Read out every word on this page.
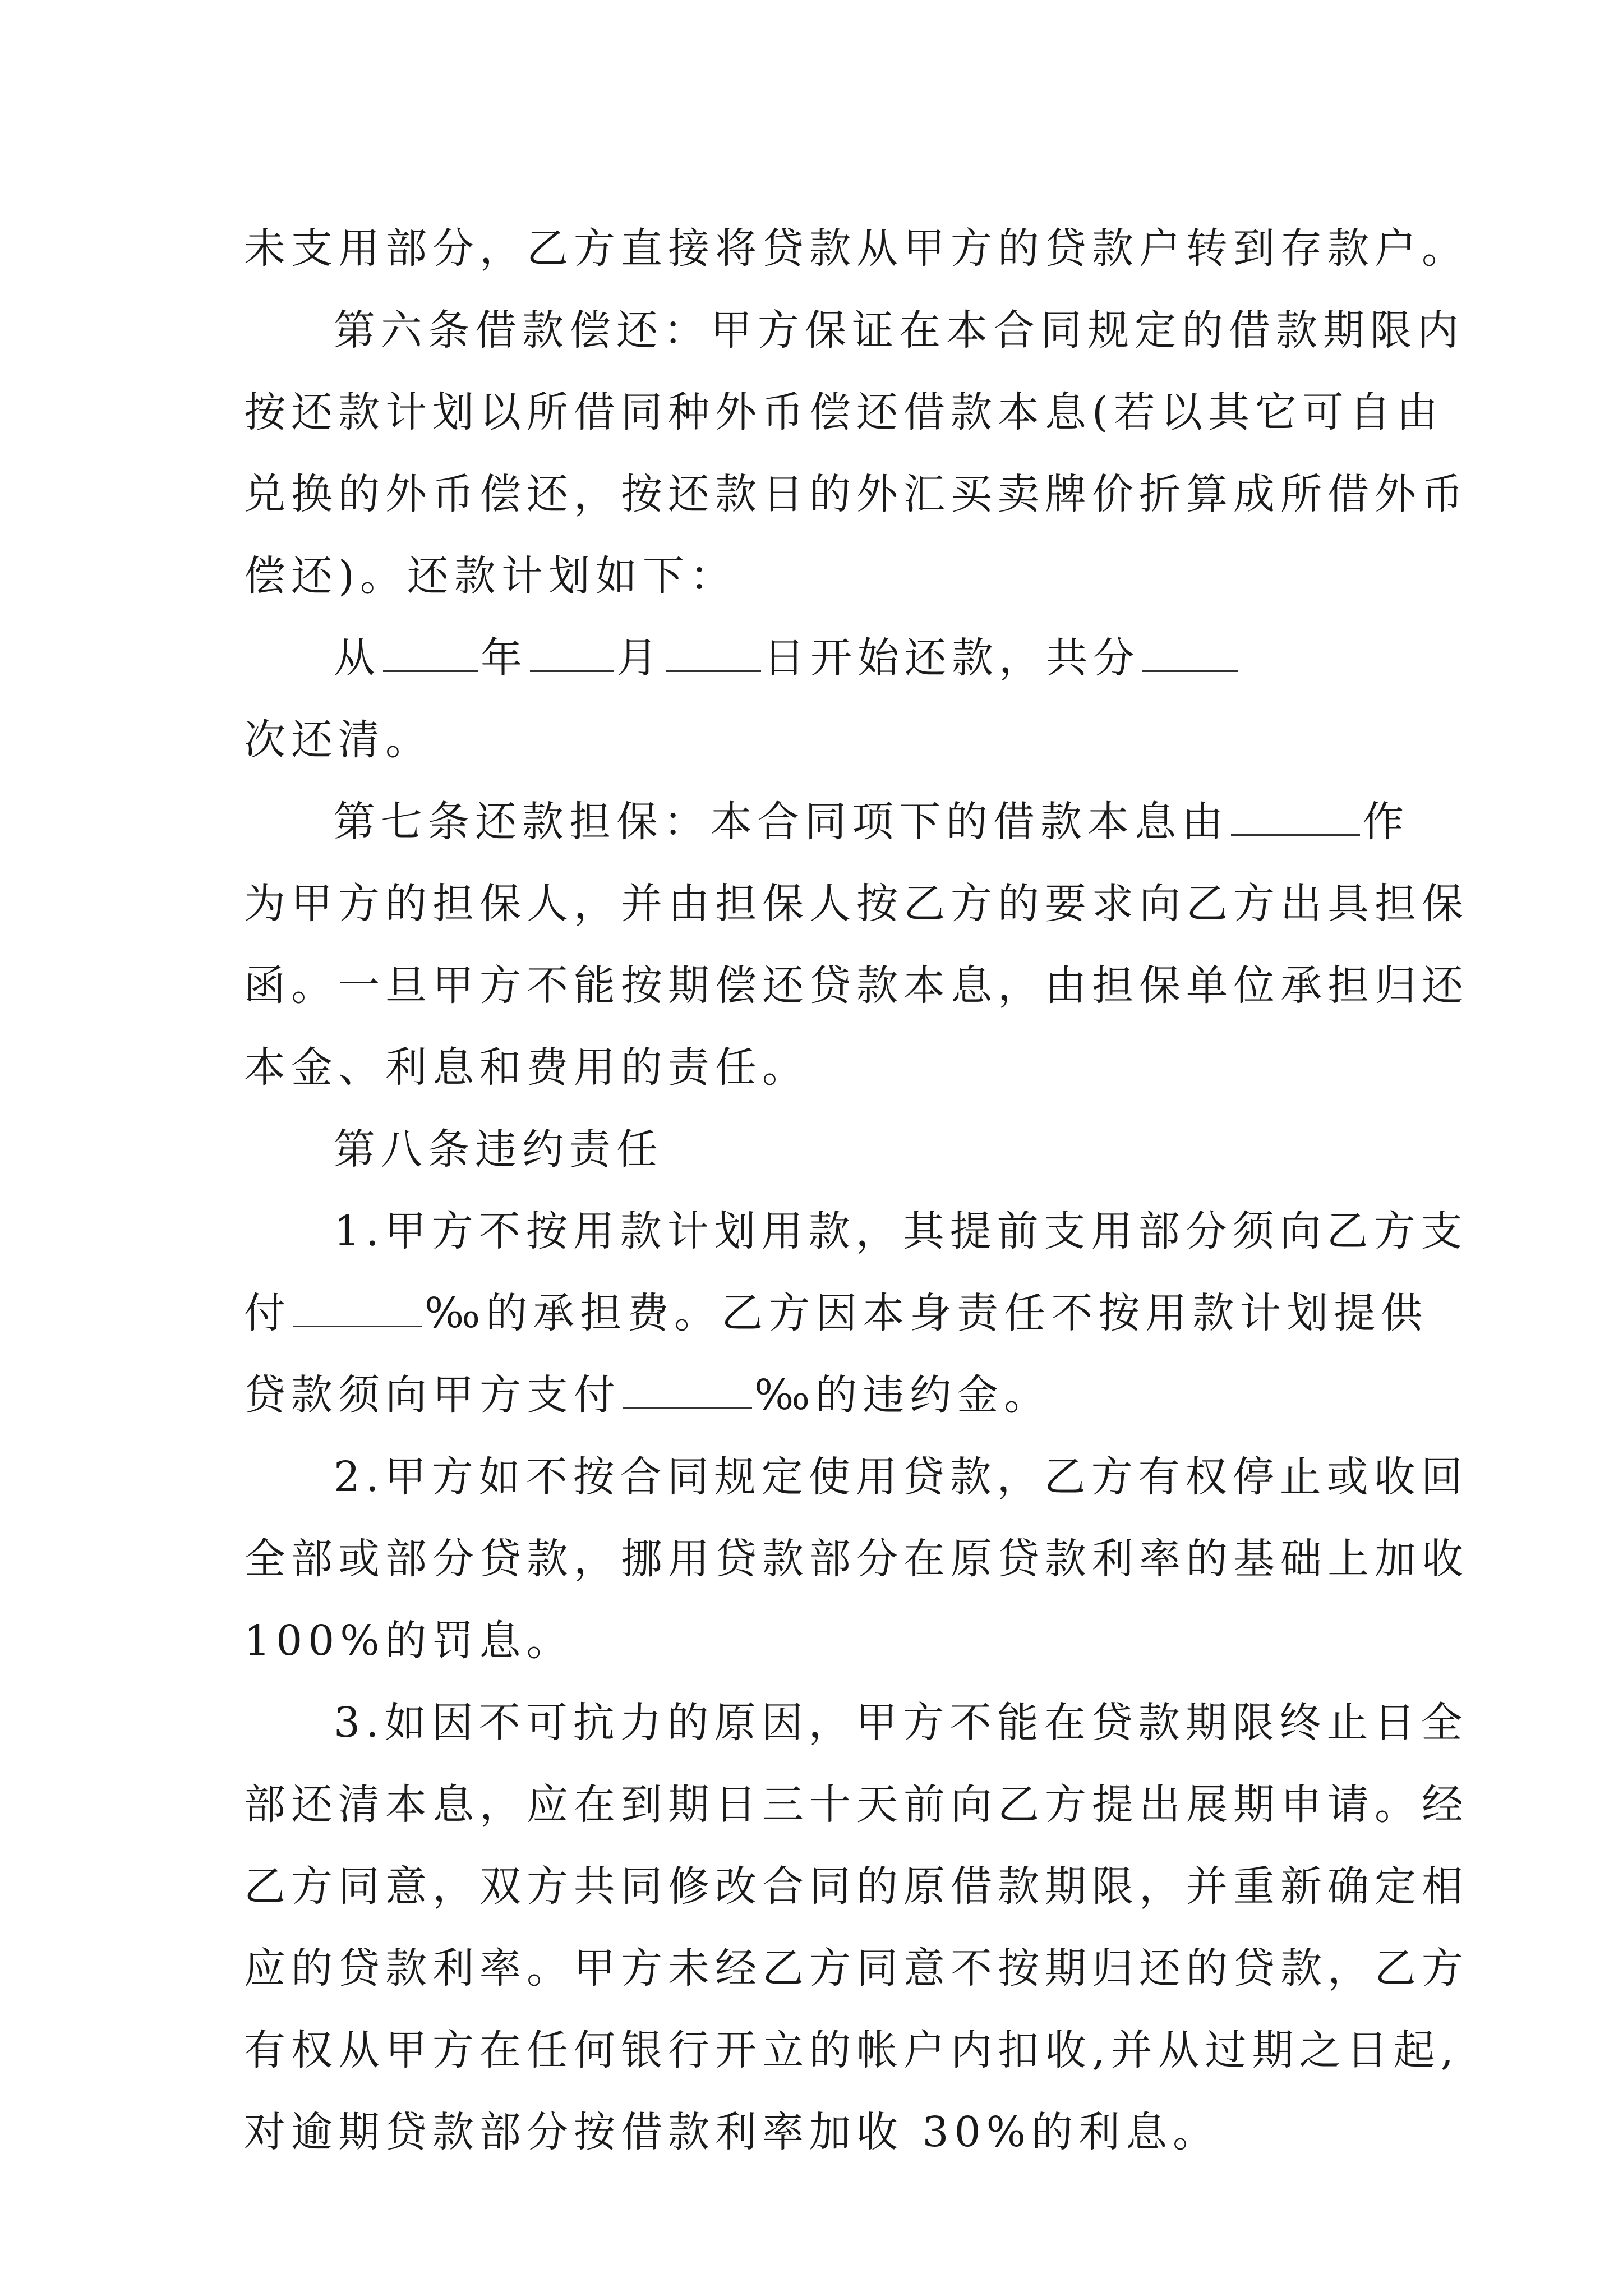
未支用部分，乙方直接将贷款从甲方的贷款户转到存款户。
第六条借款偿还：甲方保证在本合同规定的借款期限内
按还款计划以所借同种外币偿还借款本息(若以其它可自由
兑换的外币偿还，按还款日的外汇买卖牌价折算成所借外币
偿还)。还款计划如下：
从 年 月 日开始还款，共分
次还清。
第七条还款担保：本合同项下的借款本息由	作
为甲方的担保人，并由担保人按乙方的要求向乙方出具担保
函。一旦甲方不能按期偿还贷款本息，由担保单位承担归还
本金、利息和费用的责任。
第八条违约责任
1.甲方不按用款计划用款，其提前支用部分须向乙方支
付	‰的承担费。乙方因本身责任不按用款计划提供
贷款须向甲方支付	‰的违约金。
2.甲方如不按合同规定使用贷款，乙方有权停止或收回
全部或部分贷款，挪用贷款部分在原贷款利率的基础上加收
100%的罚息。
3.如因不可抗力的原因，甲方不能在贷款期限终止日全
部还清本息，应在到期日三十天前向乙方提出展期申请。经
乙方同意，双方共同修改合同的原借款期限，并重新确定相
应的贷款利率。甲方未经乙方同意不按期归还的贷款，乙方
有权从甲方在任何银行开立的帐户内扣收,并从过期之日起,
对逾期贷款部分按借款利率加收 30%的利息。
